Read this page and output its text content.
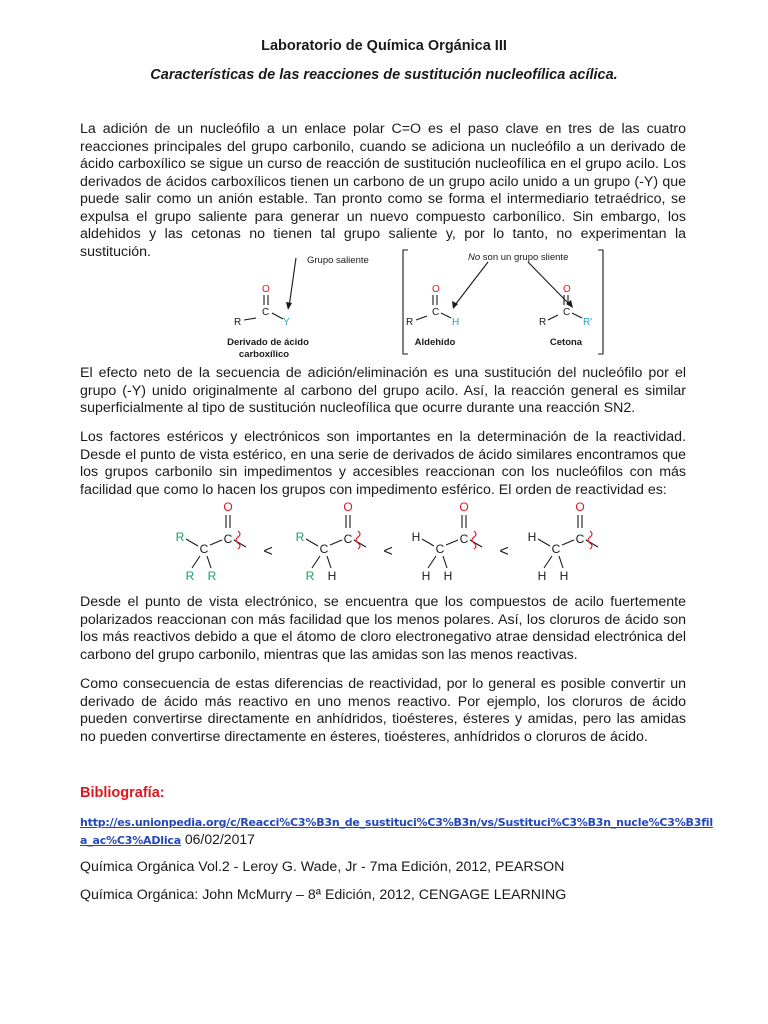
Laboratorio de Química Orgánica III
Características de las reacciones de sustitución nucleofílica acílica.

La adición de un nucleófilo a un enlace polar C=O es el paso clave en tres de las cuatro reacciones principales del grupo carbonilo, cuando se adiciona un nucleófilo a un derivado de ácido carboxílico se sigue un curso de reacción de sustitución nucleofílica en el grupo acilo. Los derivados de ácidos carboxílicos tienen un carbono de un grupo acilo unido a un grupo (-Y) que puede salir como un anión estable. Tan pronto como se forma el intermediario tetraédrico, se expulsa el grupo saliente para generar un nuevo compuesto carbonílico. Sin embargo, los aldehidos y las cetonas no tienen tal grupo saliente y, por lo tanto, no experimentan la sustitución.

Grupo saliente	No son un grupo sliente
O
C
R	Y
O
C
R	H
O
C
R	R'
Derivado de ácido
carboxílico
Aldehído	Cetona

El efecto neto de la secuencia de adición/eliminación es una sustitución del nucleófilo por el grupo (-Y) unido originalmente al carbono del grupo acilo. Así, la reacción general es similar superficialmente al tipo de sustitución nucleofílica que ocurre durante una reacción SN2.

Los factores estéricos y electrónicos son importantes en la determinación de la reactividad. Desde el punto de vista estérico, en una serie de derivados de ácido similares encontramos que los grupos carbonilo sin impedimentos y accesibles reaccionan con los nucleófilos con más facilidad que como lo hacen los grupos con impedimento esférico. El orden de reactividad es:

R
C
C
O
R R
<
R
C
C
O
R H
<
H
C
C
O
H H
<
H
C
C
O
H H

Desde el punto de vista electrónico, se encuentra que los compuestos de acilo fuertemente polarizados reaccionan con más facilidad que los menos polares. Así, los cloruros de ácido son los más reactivos debido a que el átomo de cloro electronegativo atrae densidad electrónica del carbono del grupo carbonilo, mientras que las amidas son las menos reactivas.

Como consecuencia de estas diferencias de reactividad, por lo general es posible convertir un derivado de ácido más reactivo en uno menos reactivo. Por ejemplo, los cloruros de ácido pueden convertirse directamente en anhídridos, tioésteres, ésteres y amidas, pero las amidas no pueden convertirse directamente en ésteres, tioésteres, anhídridos o cloruros de ácido.

Bibliografía:
http://es.unionpedia.org/c/Reacci%C3%B3n_de_sustituci%C3%B3n/vs/Sustituci%C3%B3n_nucle%C3%B3fil
a_ac%C3%ADlica 06/02/2017
Química Orgánica Vol.2 - Leroy G. Wade, Jr - 7ma Edición, 2012, PEARSON
Química Orgánica: John McMurry – 8ª Edición, 2012, CENGAGE LEARNING
